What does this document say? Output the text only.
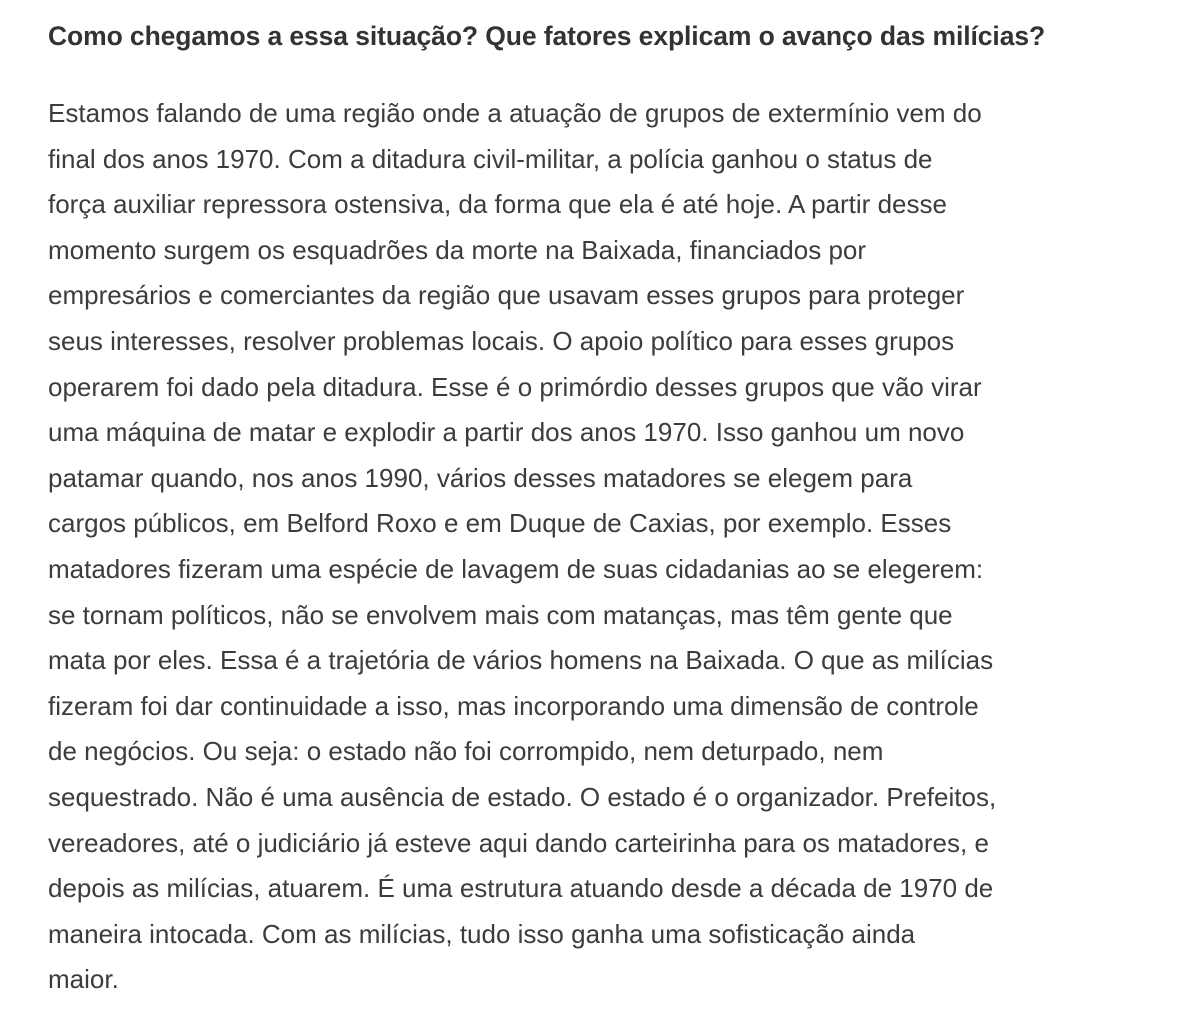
Como chegamos a essa situação? Que fatores explicam o avanço das milícias?

Estamos falando de uma região onde a atuação de grupos de extermínio vem do
final dos anos 1970. Com a ditadura civil-militar, a polícia ganhou o status de
força auxiliar repressora ostensiva, da forma que ela é até hoje. A partir desse
momento surgem os esquadrões da morte na Baixada, financiados por
empresários e comerciantes da região que usavam esses grupos para proteger
seus interesses, resolver problemas locais. O apoio político para esses grupos
operarem foi dado pela ditadura. Esse é o primórdio desses grupos que vão virar
uma máquina de matar e explodir a partir dos anos 1970. Isso ganhou um novo
patamar quando, nos anos 1990, vários desses matadores se elegem para
cargos públicos, em Belford Roxo e em Duque de Caxias, por exemplo. Esses
matadores fizeram uma espécie de lavagem de suas cidadanias ao se elegerem:
se tornam políticos, não se envolvem mais com matanças, mas têm gente que
mata por eles. Essa é a trajetória de vários homens na Baixada. O que as milícias
fizeram foi dar continuidade a isso, mas incorporando uma dimensão de controle
de negócios. Ou seja: o estado não foi corrompido, nem deturpado, nem
sequestrado. Não é uma ausência de estado. O estado é o organizador. Prefeitos,
vereadores, até o judiciário já esteve aqui dando carteirinha para os matadores, e
depois as milícias, atuarem. É uma estrutura atuando desde a década de 1970 de
maneira intocada. Com as milícias, tudo isso ganha uma sofisticação ainda
maior.
